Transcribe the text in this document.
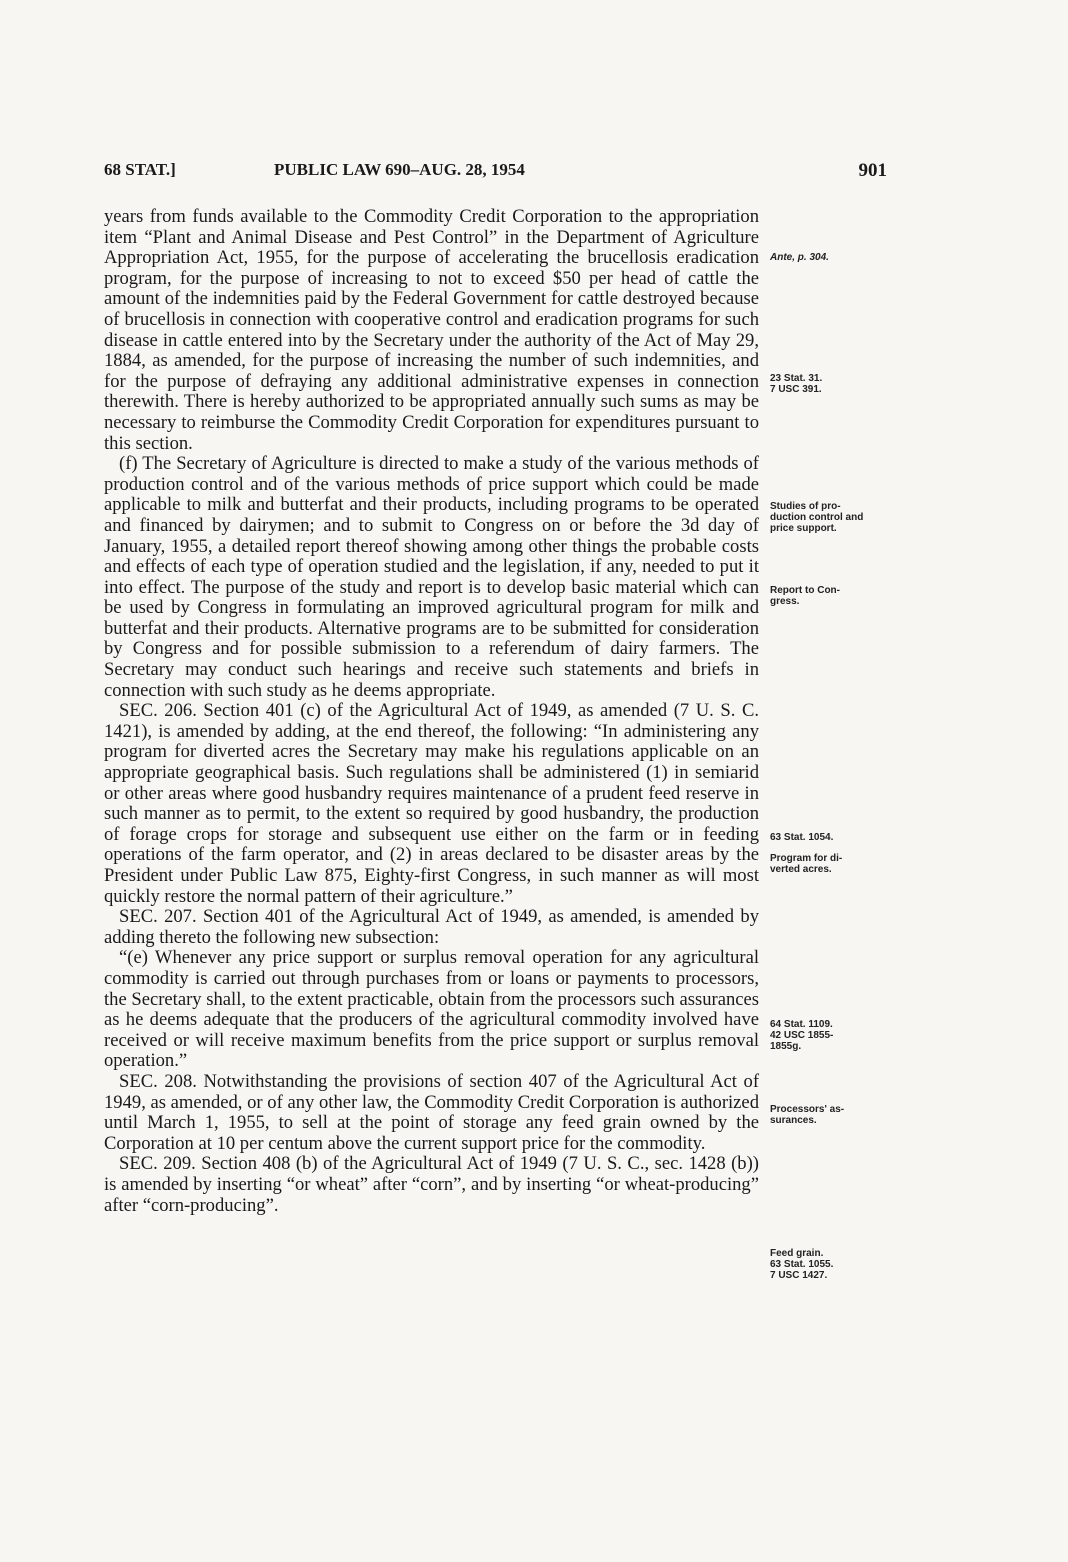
68 STAT.]	PUBLIC LAW 690–AUG. 28, 1954	901

years from funds available to the Commodity Credit Corporation to the appropriation item “Plant and Animal Disease and Pest Control” in the Department of Agriculture Appropriation Act, 1955, for the purpose of accelerating the brucellosis eradication program, for the purpose of increasing to not to exceed $50 per head of cattle the amount of the indemnities paid by the Federal Government for cattle destroyed because of brucellosis in connection with cooperative control and eradication programs for such disease in cattle entered into by the Secretary under the authority of the Act of May 29, 1884, as amended, for the purpose of increasing the number of such indemnities, and for the purpose of defraying any additional administrative expenses in connection therewith. There is hereby authorized to be appropriated annually such sums as may be necessary to reimburse the Commodity Credit Corporation for expenditures pursuant to this section.

(f) The Secretary of Agriculture is directed to make a study of the various methods of production control and of the various methods of price support which could be made applicable to milk and butterfat and their products, including programs to be operated and financed by dairymen; and to submit to Congress on or before the 3d day of January, 1955, a detailed report thereof showing among other things the probable costs and effects of each type of operation studied and the legislation, if any, needed to put it into effect. The purpose of the study and report is to develop basic material which can be used by Congress in formulating an improved agricultural program for milk and butterfat and their products. Alternative programs are to be submitted for consideration by Congress and for possible submission to a referendum of dairy farmers. The Secretary may conduct such hearings and receive such statements and briefs in connection with such study as he deems appropriate.

SEC. 206. Section 401 (c) of the Agricultural Act of 1949, as amended (7 U. S. C. 1421), is amended by adding, at the end thereof, the following: “In administering any program for diverted acres the Secretary may make his regulations applicable on an appropriate geographical basis. Such regulations shall be administered (1) in semiarid or other areas where good husbandry requires maintenance of a prudent feed reserve in such manner as to permit, to the extent so required by good husbandry, the production of forage crops for storage and subsequent use either on the farm or in feeding operations of the farm operator, and (2) in areas declared to be disaster areas by the President under Public Law 875, Eighty-first Congress, in such manner as will most quickly restore the normal pattern of their agriculture.”

SEC. 207. Section 401 of the Agricultural Act of 1949, as amended, is amended by adding thereto the following new subsection:

“(e) Whenever any price support or surplus removal operation for any agricultural commodity is carried out through purchases from or loans or payments to processors, the Secretary shall, to the extent practicable, obtain from the processors such assurances as he deems adequate that the producers of the agricultural commodity involved have received or will receive maximum benefits from the price support or surplus removal operation.”

SEC. 208. Notwithstanding the provisions of section 407 of the Agricultural Act of 1949, as amended, or of any other law, the Commodity Credit Corporation is authorized until March 1, 1955, to sell at the point of storage any feed grain owned by the Corporation at 10 per centum above the current support price for the commodity.

SEC. 209. Section 408 (b) of the Agricultural Act of 1949 (7 U. S. C., sec. 1428 (b)) is amended by inserting “or wheat” after “corn”, and by inserting “or wheat-producing” after “corn-producing”.

Ante, p. 304.
23 Stat. 31.
7 USC 391.
Studies of pro-
duction control and
price support.
Report to Con-
gress.
63 Stat. 1054.
Program for di-
verted acres.
64 Stat. 1109.
42 USC 1855-
1855g.
Processors' as-
surances.
Feed grain.
63 Stat. 1055.
7 USC 1427.
